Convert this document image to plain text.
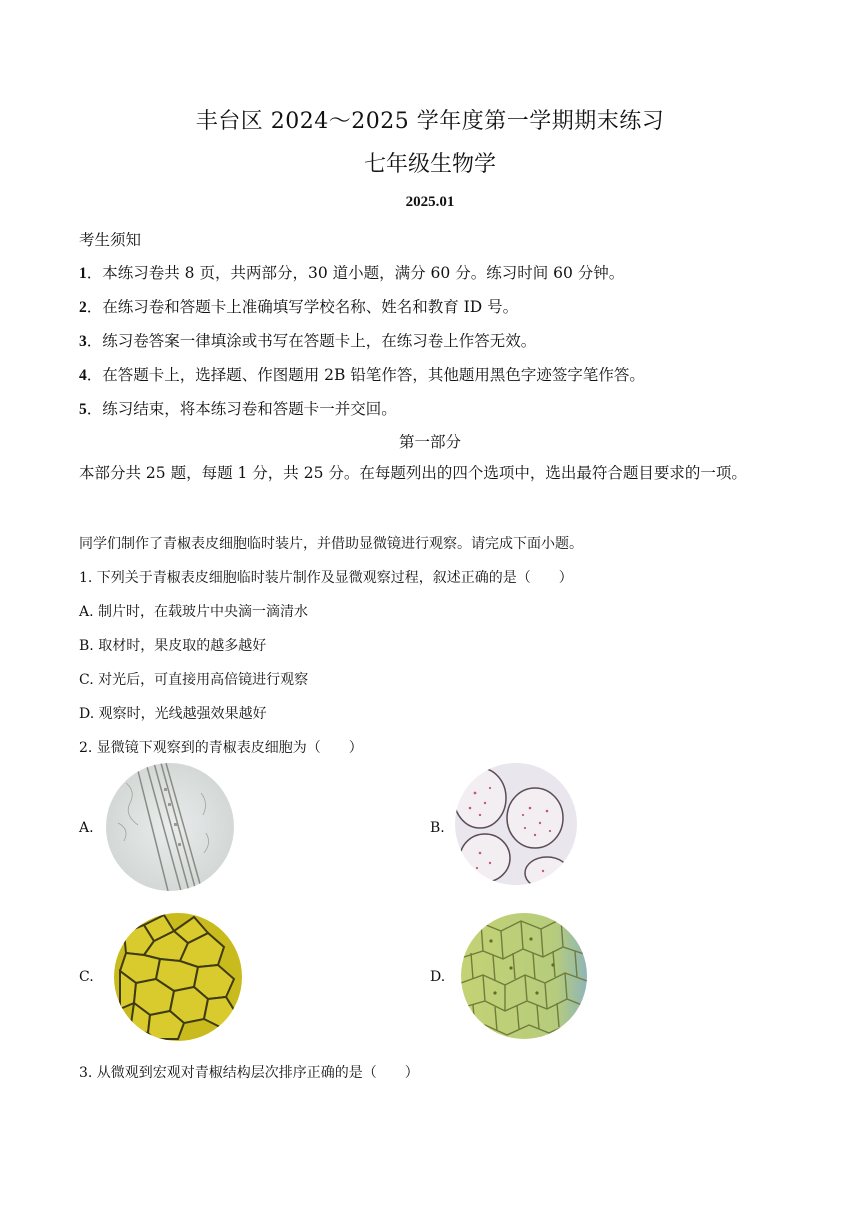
丰台区 2024～2025 学年度第一学期期末练习
七年级生物学
2025.01
考生须知
1．本练习卷共 8 页，共两部分，30 道小题，满分 60 分。练习时间 60 分钟。
2．在练习卷和答题卡上准确填写学校名称、姓名和教育 ID 号。
3．练习卷答案一律填涂或书写在答题卡上，在练习卷上作答无效。
4．在答题卡上，选择题、作图题用 2B 铅笔作答，其他题用黑色字迹签字笔作答。
5．练习结束，将本练习卷和答题卡一并交回。
第一部分
本部分共 25 题，每题 1 分，共 25 分。在每题列出的四个选项中，选出最符合题目要求的一项。
同学们制作了青椒表皮细胞临时装片，并借助显微镜进行观察。请完成下面小题。
1. 下列关于青椒表皮细胞临时装片制作及显微观察过程，叙述正确的是（　　）
A. 制片时，在载玻片中央滴一滴清水
B. 取材时，果皮取的越多越好
C. 对光后，可直接用高倍镜进行观察
D. 观察时，光线越强效果越好
2. 显微镜下观察到的青椒表皮细胞为（　　）
A.	B.
C.	D.
3. 从微观到宏观对青椒结构层次排序正确的是（　　）
